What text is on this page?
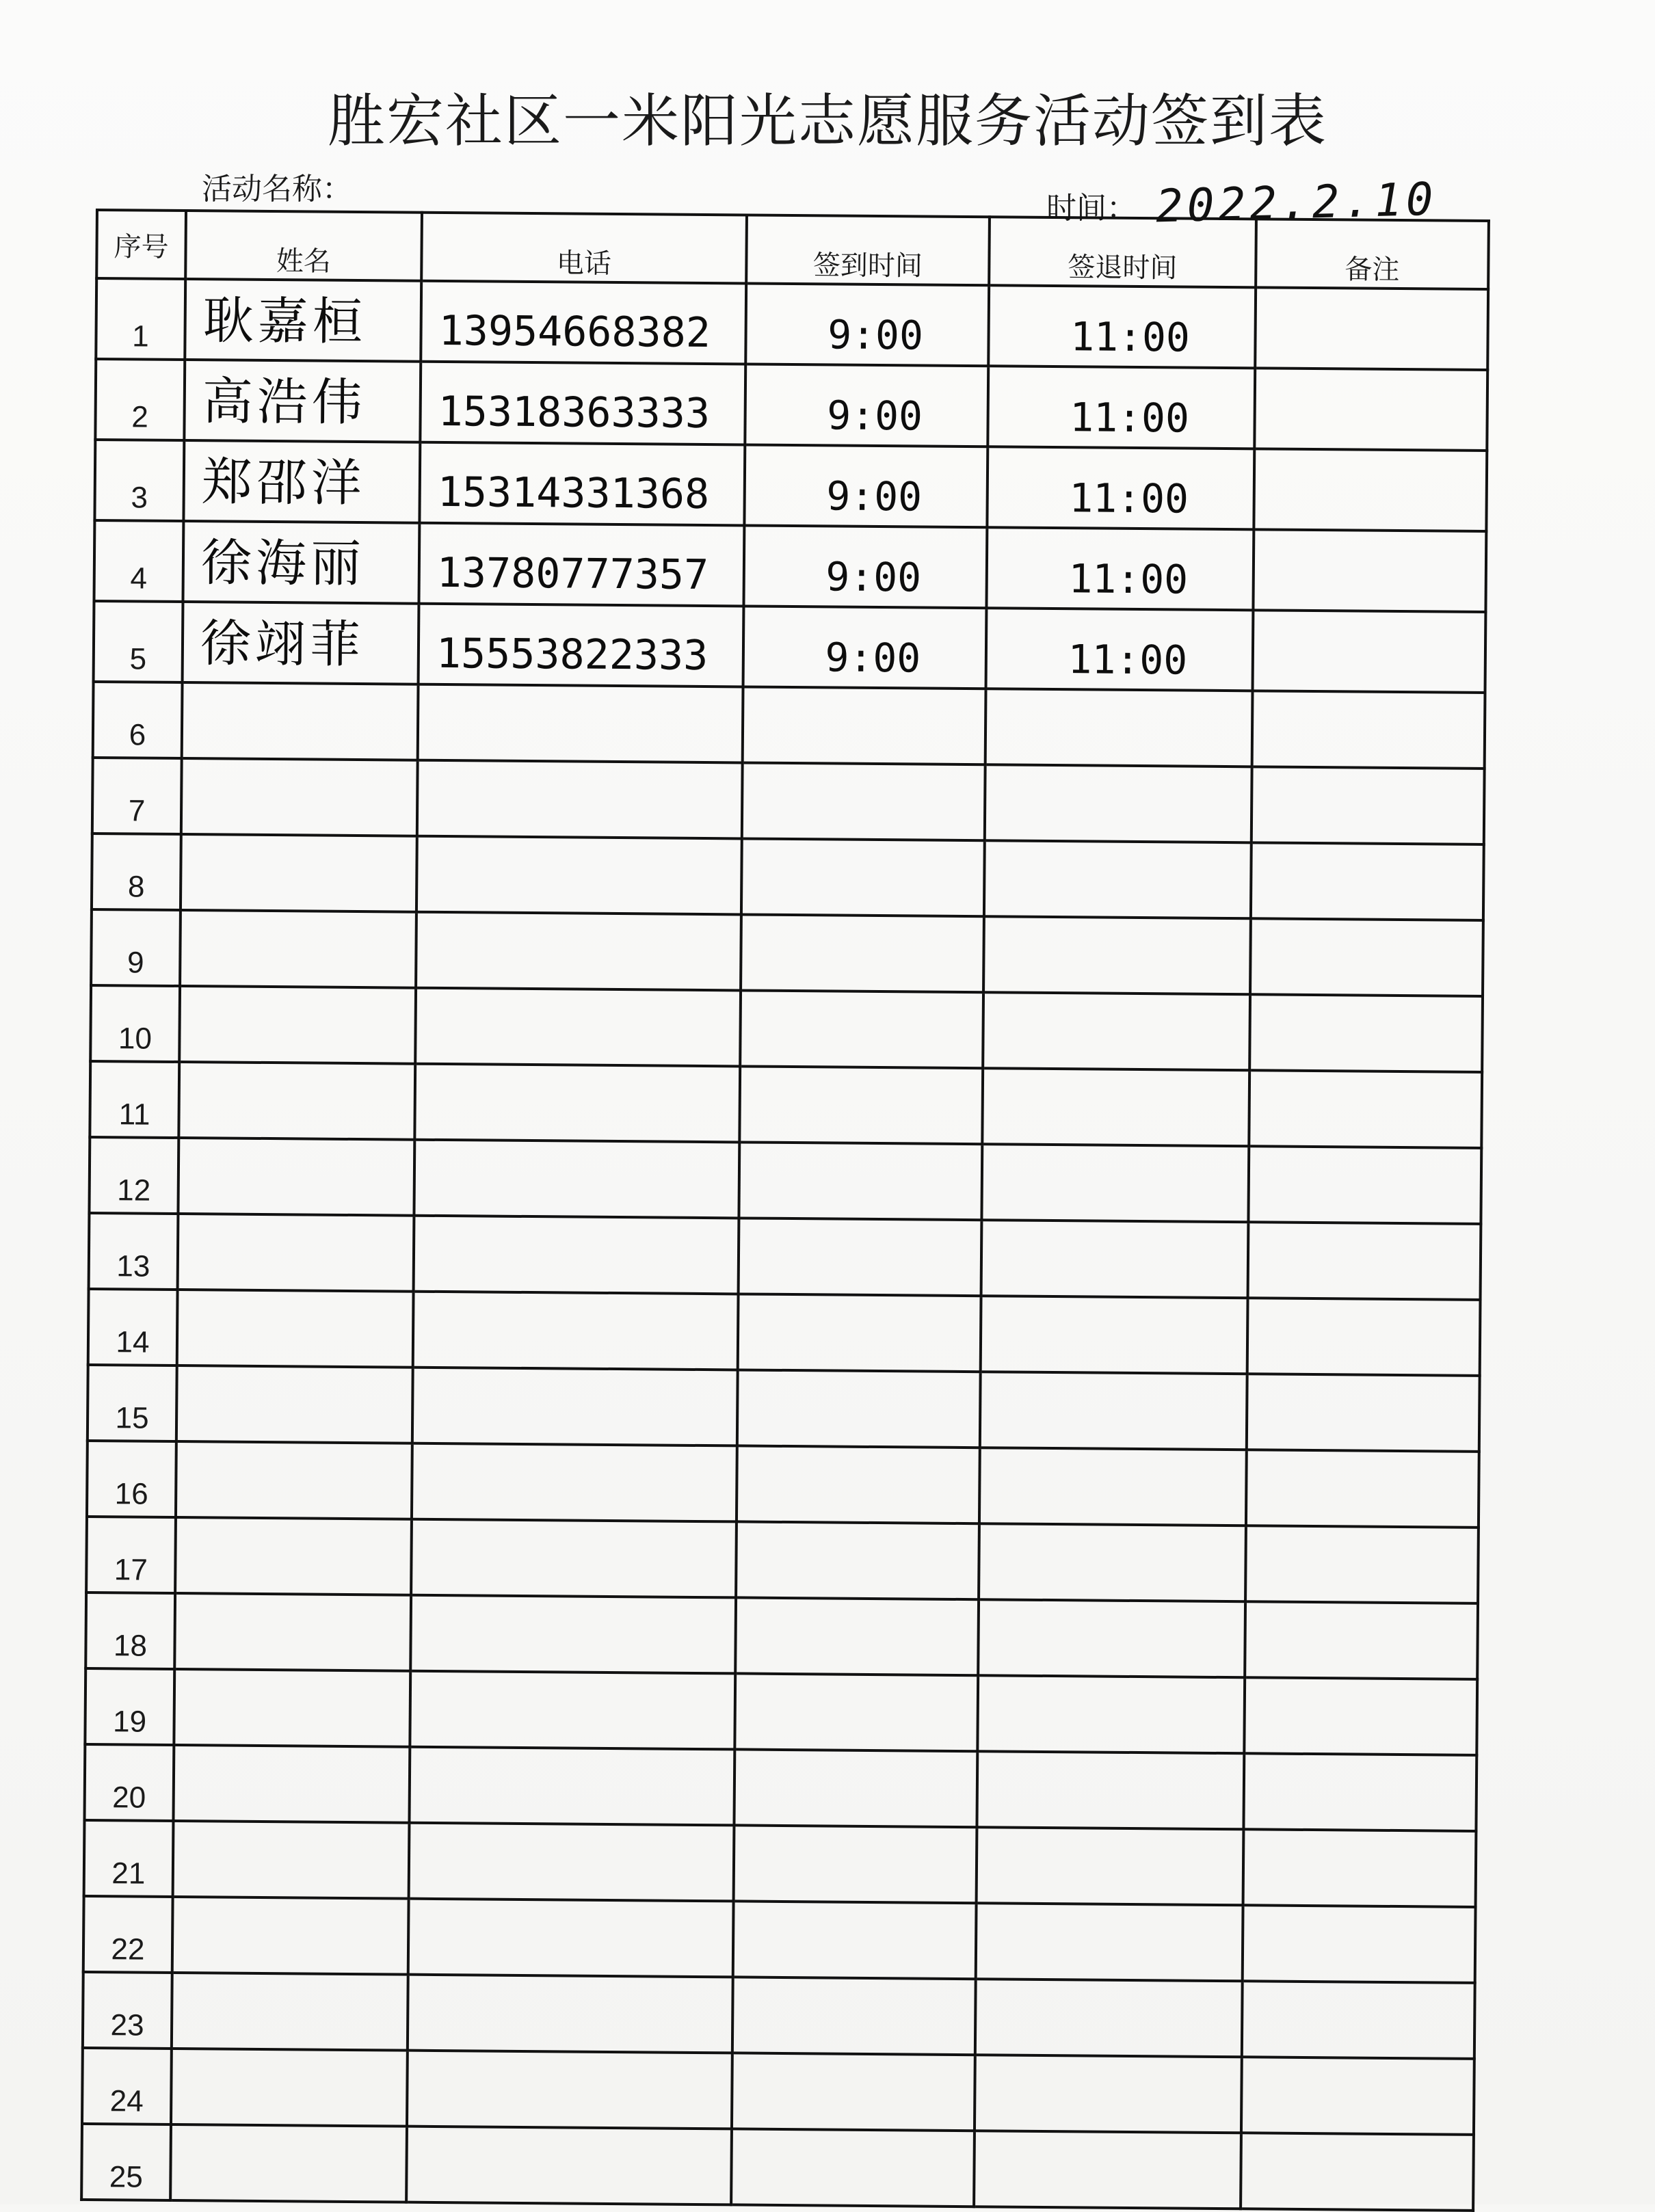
胜宏社区一米阳光志愿服务活动签到表
活动名称：
时间： 2022.2.10
序号	姓名	电话	签到时间	签退时间	备注
1	耿嘉桓	13954668382	9:00	11:00	
2	高浩伟	15318363333	9:00	11:00	
3	郑邵洋	15314331368	9:00	11:00	
4	徐海丽	13780777357	9:00	11:00	
5	徐翊菲	15553822333	9:00	11:00	
6					
7					
8					
9					
10					
11					
12					
13					
14					
15					
16					
17					
18					
19					
20					
21					
22					
23					
24					
25					
